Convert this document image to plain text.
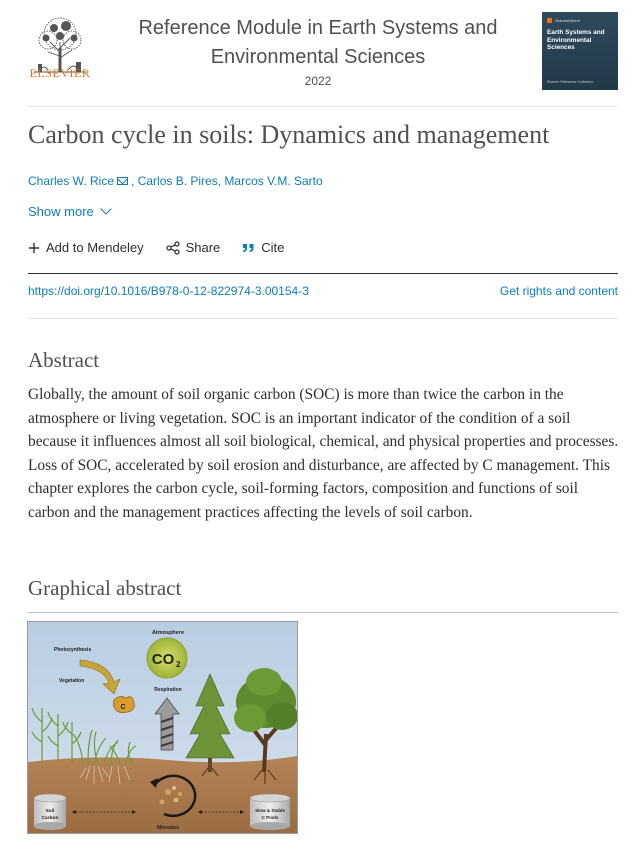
ELSEVIER
Reference Module in Earth Systems and
Environmental Sciences
2022
ScienceDirect
Earth Systems and Environmental Sciences
Elsevier Reference Collection
Carbon cycle in soils: Dynamics and management
Charles W. Rice , Carlos B. Pires, Marcos V.M. Sarto
Show more
Add to Mendeley	Share	Cite
https://doi.org/10.1016/B978-0-12-822974-3.00154-3	Get rights and content
Abstract

Globally, the amount of soil organic carbon (SOC) is more than twice the carbon in the atmosphere or living vegetation. SOC is an important indicator of the condition of a soil because it influences almost all soil biological, chemical, and physical properties and processes. Loss of SOC, accelerated by soil erosion and disturbance, are affected by C management. This chapter explores the carbon cycle, soil-forming factors, composition and functions of soil carbon and the management practices affecting the levels of soil carbon.

Graphical abstract
Atmosphere
CO 2
Photosynthesis
Vegetation
C
Respiration
Microbes
Soil
Carbon
Slow & Stable
C Pools
